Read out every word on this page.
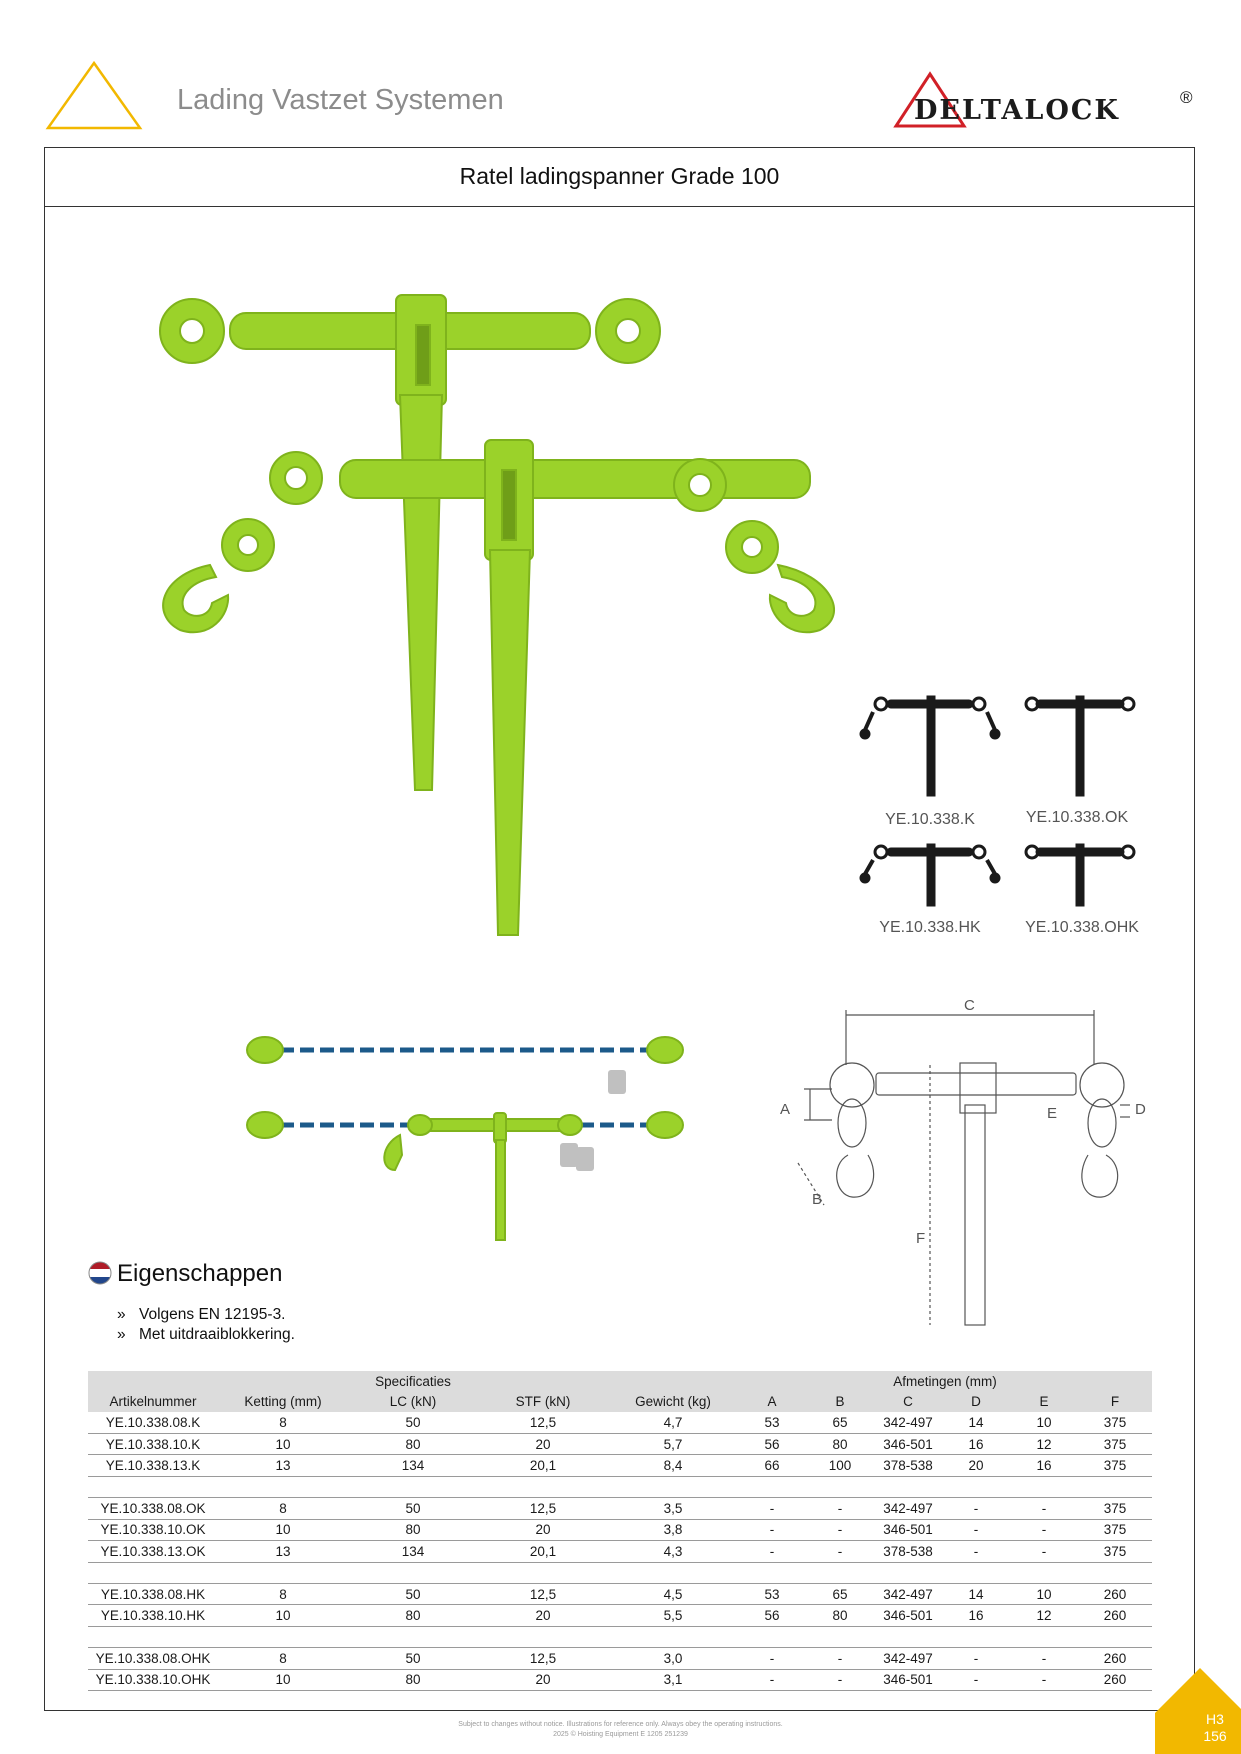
Lading Vastzet Systemen	DELTALOCK	®
Ratel ladingspanner Grade 100
YE.10.338.K	YE.10.338.OK
YE.10.338.HK	YE.10.338.OHK
C
A	E	D
B
F
Eigenschappen
» Volgens EN 12195-3.
» Met uitdraaiblokkering.
Specificaties					Afmetingen (mm)					
Artikelnummer	Ketting (mm)	LC (kN)	STF (kN)	Gewicht (kg)	A	B	C	D	E	F
YE.10.338.08.K	8	50	12,5	4,7	53	65	342-497	14	10	375
YE.10.338.10.K	10	80	20	5,7	56	80	346-501	16	12	375
YE.10.338.13.K	13	134	20,1	8,4	66	100	378-538	20	16	375

YE.10.338.08.OK	8	50	12,5	3,5	-	-	342-497	-	-	375
YE.10.338.10.OK	10	80	20	3,8	-	-	346-501	-	-	375
YE.10.338.13.OK	13	134	20,1	4,3	-	-	378-538	-	-	375

YE.10.338.08.HK	8	50	12,5	4,5	53	65	342-497	14	10	260
YE.10.338.10.HK	10	80	20	5,5	56	80	346-501	16	12	260

YE.10.338.08.OHK	8	50	12,5	3,0	-	-	342-497	-	-	260
YE.10.338.10.OHK	10	80	20	3,1	-	-	346-501	-	-	260
Subject to changes without notice. Illustrations for reference only. Always obey the operating instructions.
2025 © Hoisting Equipment E 1205 251239
H3
156
